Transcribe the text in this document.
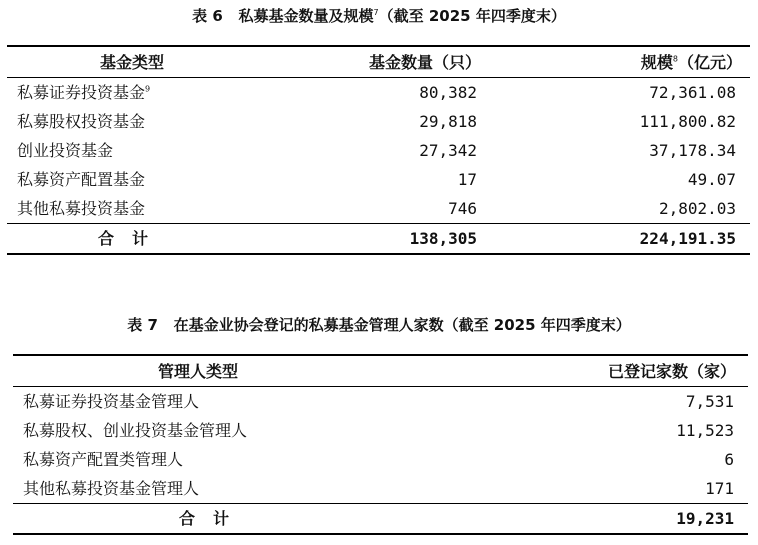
表 6 私募基金数量及规模$^7$（截至 2025 年四季度末）
基金类型	基金数量（只）	规模$^8$（亿元）
私募证券投资基金$^9$	80,382	72,361.08
私募股权投资基金	29,818	111,800.82
创业投资基金	27,342	37,178.34
私募资产配置基金	17	49.07
其他私募投资基金	746	2,802.03
合计	138,305	224,191.35
表 7 在基金业协会登记的私募基金管理人家数（截至 2025 年四季度末）
管理人类型	已登记家数（家）
私募证券投资基金管理人	7,531
私募股权、创业投资基金管理人	11,523
私募资产配置类管理人	6
其他私募投资基金管理人	171
合计	19,231
